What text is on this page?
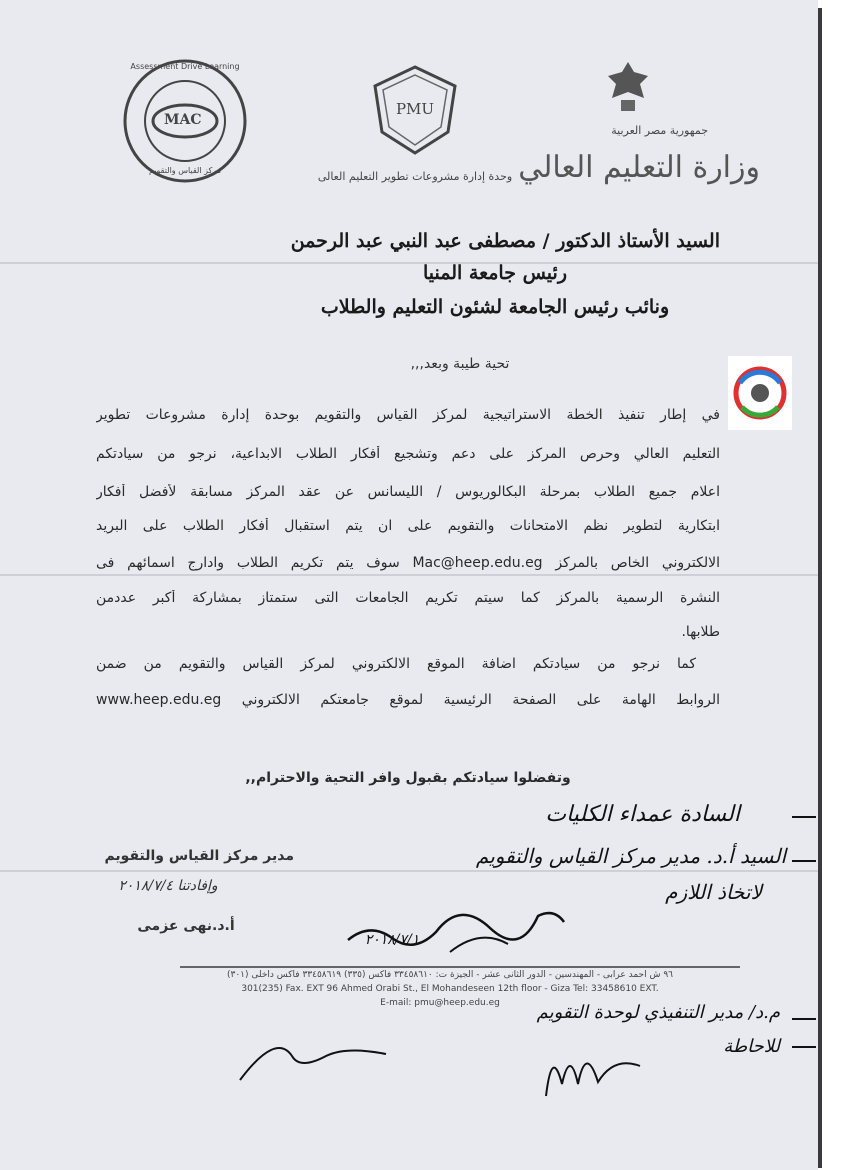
MAC
Assessment Drive Learning
مركز القياس والتقويم
PMU
وحدة إدارة مشروعات تطوير التعليم العالى
جمهورية مصر العربية
وزارة التعليم العالي
السيد الأستاذ الدكتور / مصطفى عبد النبي عبد الرحمن
رئيس جامعة المنيا
ونائب رئيس الجامعة لشئون التعليم والطلاب
تحية طيبة وبعد,,,
في إطار تنفيذ الخطة الاستراتيجية لمركز القياس والتقويم بوحدة إدارة مشروعات تطوير
التعليم العالي وحرص المركز على دعم وتشجيع أفكار الطلاب الابداعية، نرجو من سيادتكم
اعلام جميع الطلاب بمرحلة البكالوريوس / الليسانس عن عقد المركز مسابقة لأفضل أفكار
ابتكارية لتطوير نظم الامتحانات والتقويم على ان يتم استقبال أفكار الطلاب على البريد
الالكتروني الخاص بالمركز Mac@heep.edu.eg سوف يتم تكريم الطلاب وادارج اسمائهم فى
النشرة الرسمية بالمركز كما سيتم تكريم الجامعات التى ستمتاز بمشاركة أكبر عددمن
طلابها.
كما نرجو من سيادتكم اضافة الموقع الالكتروني لمركز القياس والتقويم من ضمن
الروابط الهامة على الصفحة الرئيسية لموقع جامعتكم الالكتروني www.heep.edu.eg
وتفضلوا سيادتكم بقبول وافر التحية والاحترام,,
مدير مركز القياس والتقويم
أ.د.نهى عزمى
السادة عمداء الكليات
السيد أ.د. مدير مركز القياس والتقويم
لاتخاذ اللازم
وإفادتنا ٢٠١٨/٧/٤
٢٠١٨/٧/١
٩٦ ش أحمد عرابى - المهندسين - الدور الثانى عشر - الجيزة ت: ٣٣٤٥٨٦١٠ فاكس (٣٣٥) ٣٣٤٥٨٦١٩ فاكس داخلى (٣٠١)
301(235) Fax. EXT 96 Ahmed Orabi St., El Mohandeseen 12th floor - Giza Tel: 33458610 EXT.
E-mail: pmu@heep.edu.eg	م.د/ مدير التنفيذي لوحدة التقويم
للاحاطة
